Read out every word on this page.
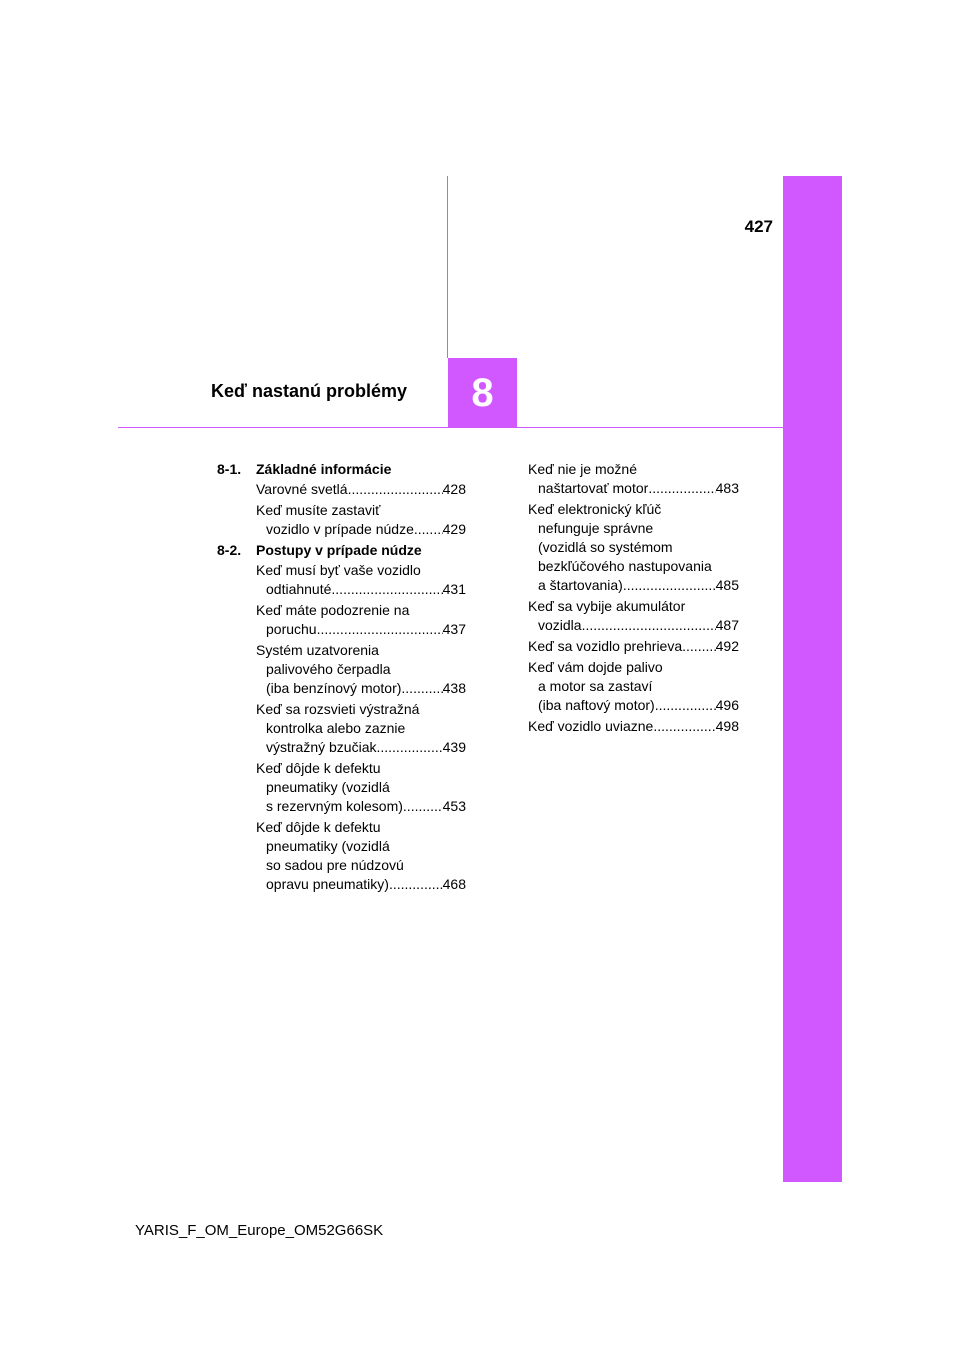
427
Keď nastanú problémy	8
8-1.	Základné informácie
Varovné svetlá .....	428
Keď musíte zastaviť
vozidlo v prípade núdze ..... 429
8-2.	Postupy v prípade núdze
Keď musí byť vaše vozidlo
odtiahnuté .....	431
Keď máte podozrenie na
poruchu .....	437
Systém uzatvorenia
palivového čerpadla
(iba benzínový motor) .....	438
Keď sa rozsvieti výstražná
kontrolka alebo zaznie
výstražný bzučiak .....	439
Keď dôjde k defektu
pneumatiky (vozidlá
s rezervným kolesom) .....	453
Keď dôjde k defektu
pneumatiky (vozidlá
so sadou pre núdzovú
opravu pneumatiky) .....	468
Keď nie je možné
naštartovať motor .....	483
Keď elektronický kľúč
nefunguje správne
(vozidlá so systémom
bezkľúčového nastupovania
a štartovania) .....	485
Keď sa vybije akumulátor
vozidla .....	487
Keď sa vozidlo prehrieva ..... 492
Keď vám dojde palivo
a motor sa zastaví
(iba naftový motor) .....	496
Keď vozidlo uviazne .....	498
YARIS_F_OM_Europe_OM52G66SK
